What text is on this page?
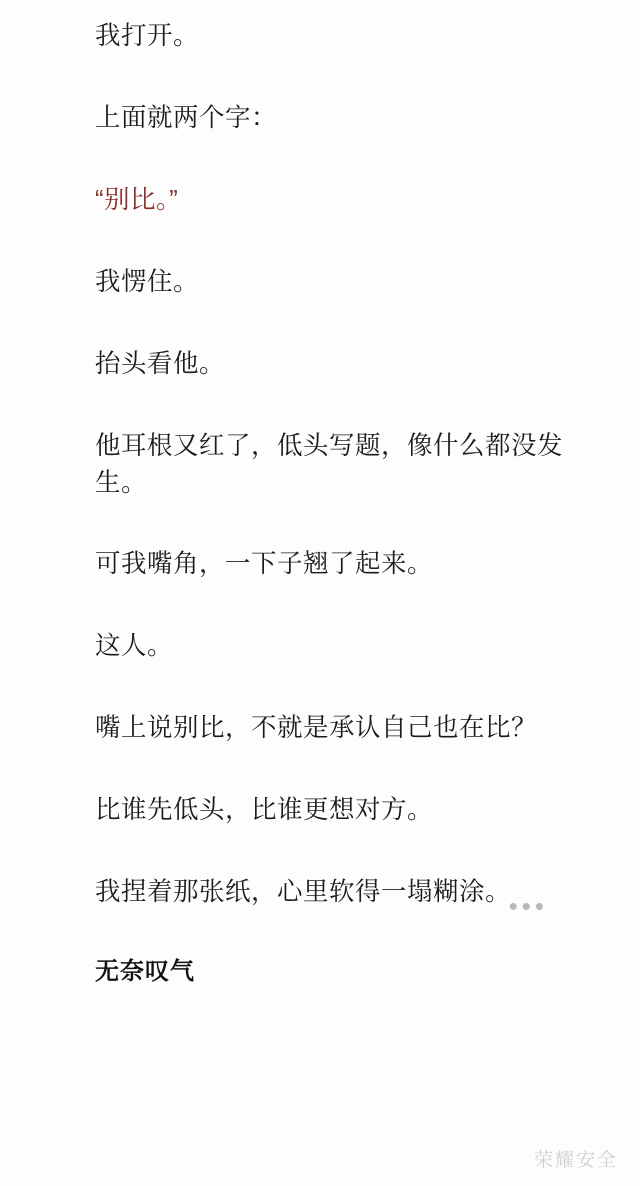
我打开。

上面就两个字：

“别比。”

我愣住。

抬头看他。

他耳根又红了，低头写题，像什么都没发生。

可我嘴角，一下子翘了起来。

这人。

嘴上说别比，不就是承认自己也在比？

比谁先低头，比谁更想对方。

我捏着那张纸，心里软得一塌糊涂。

•••
无奈叹气
荣耀安全
